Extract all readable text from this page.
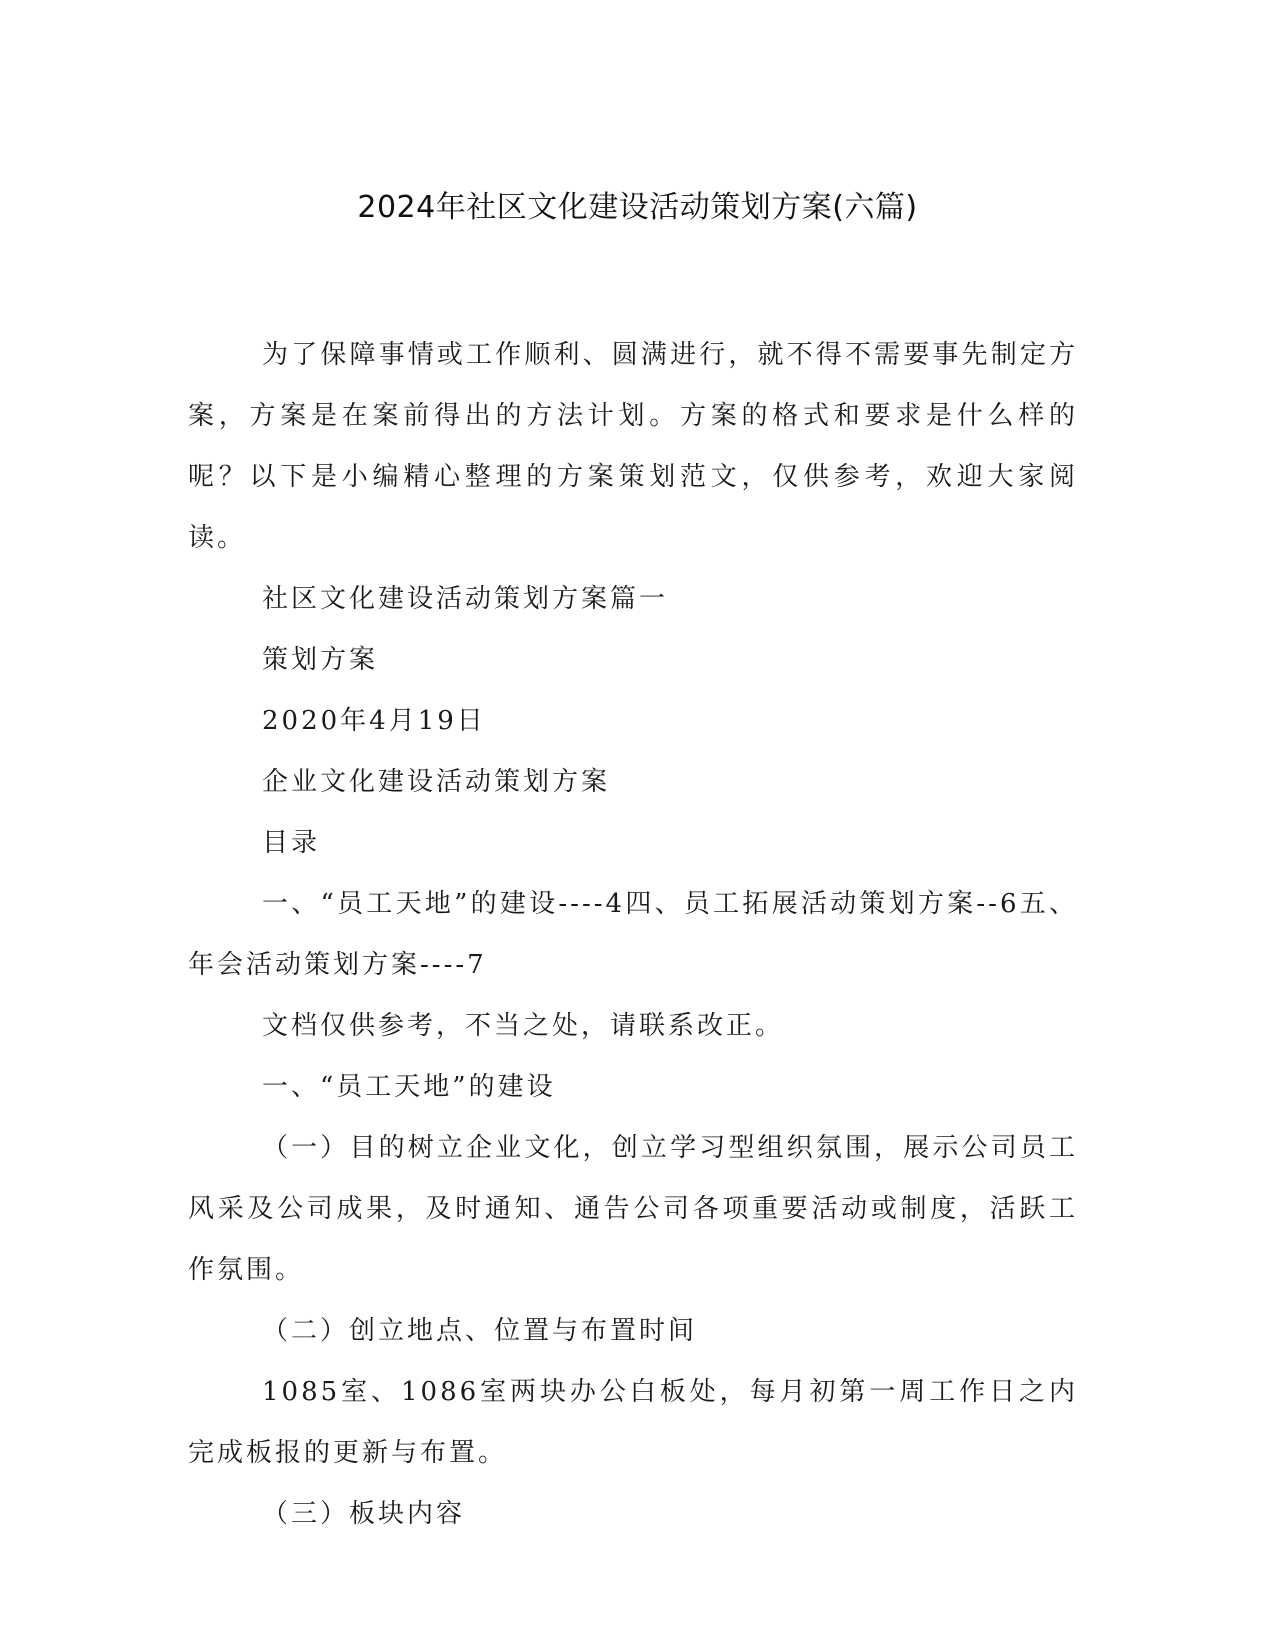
2024年社区文化建设活动策划方案(六篇)

为了保障事情或工作顺利、圆满进行，就不得不需要事先制定方案，方案是在案前得出的方法计划。方案的格式和要求是什么样的呢？以下是小编精心整理的方案策划范文，仅供参考，欢迎大家阅读。

社区文化建设活动策划方案篇一

策划方案

2020年4月19日

企业文化建设活动策划方案

目录

一、“员工天地”的建设----4四、员工拓展活动策划方案--6五、年会活动策划方案----7

文档仅供参考，不当之处，请联系改正。

一、“员工天地”的建设

（一）目的树立企业文化，创立学习型组织氛围，展示公司员工风采及公司成果，及时通知、通告公司各项重要活动或制度，活跃工作氛围。

（二）创立地点、位置与布置时间

1085室、1086室两块办公白板处，每月初第一周工作日之内完成板报的更新与布置。

（三）板块内容
